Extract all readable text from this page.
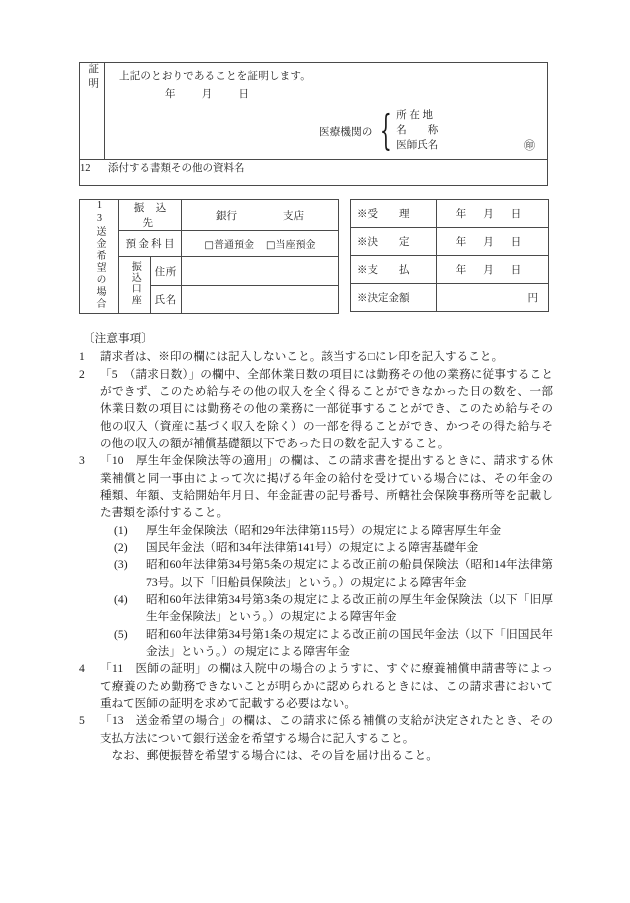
証明	上記のとおりであることを証明します。
年 月 日
医療機関の { 所 在 地
名　　称
医師氏名	㊞

12 添付する書類その他の資料名
13送金希望の場合	振 込 先		銀行 支店
	預金科目		□普通預金 □当座預金
	振込口座	住所	
		氏名	
※受　　理	年 月 日
※決　　定	年 月 日
※支　　払	年 月 日
※決定金額	円
〔注意事項〕
1	請求者は、※印の欄には記入しないこと。該当する□にレ印を記入すること。

2	「5　（請求日数）」の欄中、全部休業日数の項目には勤務その他の業務に従事することができず、このため給与その他の収入を全く得ることができなかった日の数を、一部休業日数の項目には勤務その他の業務に一部従事することができ、このため給与その他の収入（資産に基づく収入を除く）の一部を得ることができ、かつその得た給与その他の収入の額が補償基礎額以下であった日の数を記入すること。

3	「10　厚生年金保険法等の適用」の欄は、この請求書を提出するときに、請求する休業補償と同一事由によって次に掲げる年金の給付を受けている場合には、その年金の種類、年額、支給開始年月日、年金証書の記号番号、所轄社会保険事務所等を記載した書類を添付すること。

(1)	厚生年金保険法（昭和29年法律第115号）の規定による障害厚生年金
(2)	国民年金法（昭和34年法律第141号）の規定による障害基礎年金
(3)	昭和60年法律第34号第5条の規定による改正前の船員保険法（昭和14年法律第73号。以下「旧船員保険法」という。）の規定による障害年金
(4)	昭和60年法律第34号第3条の規定による改正前の厚生年金保険法（以下「旧厚生年金保険法」という。）の規定による障害年金
(5)	昭和60年法律第34号第1条の規定による改正前の国民年金法（以下「旧国民年金法」という。）の規定による障害年金
4	「11　医師の証明」の欄は入院中の場合のようすに、すぐに療養補償申請書等によって療養のため勤務できないことが明らかに認められるときには、この請求書において重ねて医師の証明を求めて記載する必要はない。

5	「13　送金希望の場合」の欄は、この請求に係る補償の支給が決定されたとき、その支払方法について銀行送金を希望する場合に記入すること。

　なお、郵便振替を希望する場合には、その旨を届け出ること。
